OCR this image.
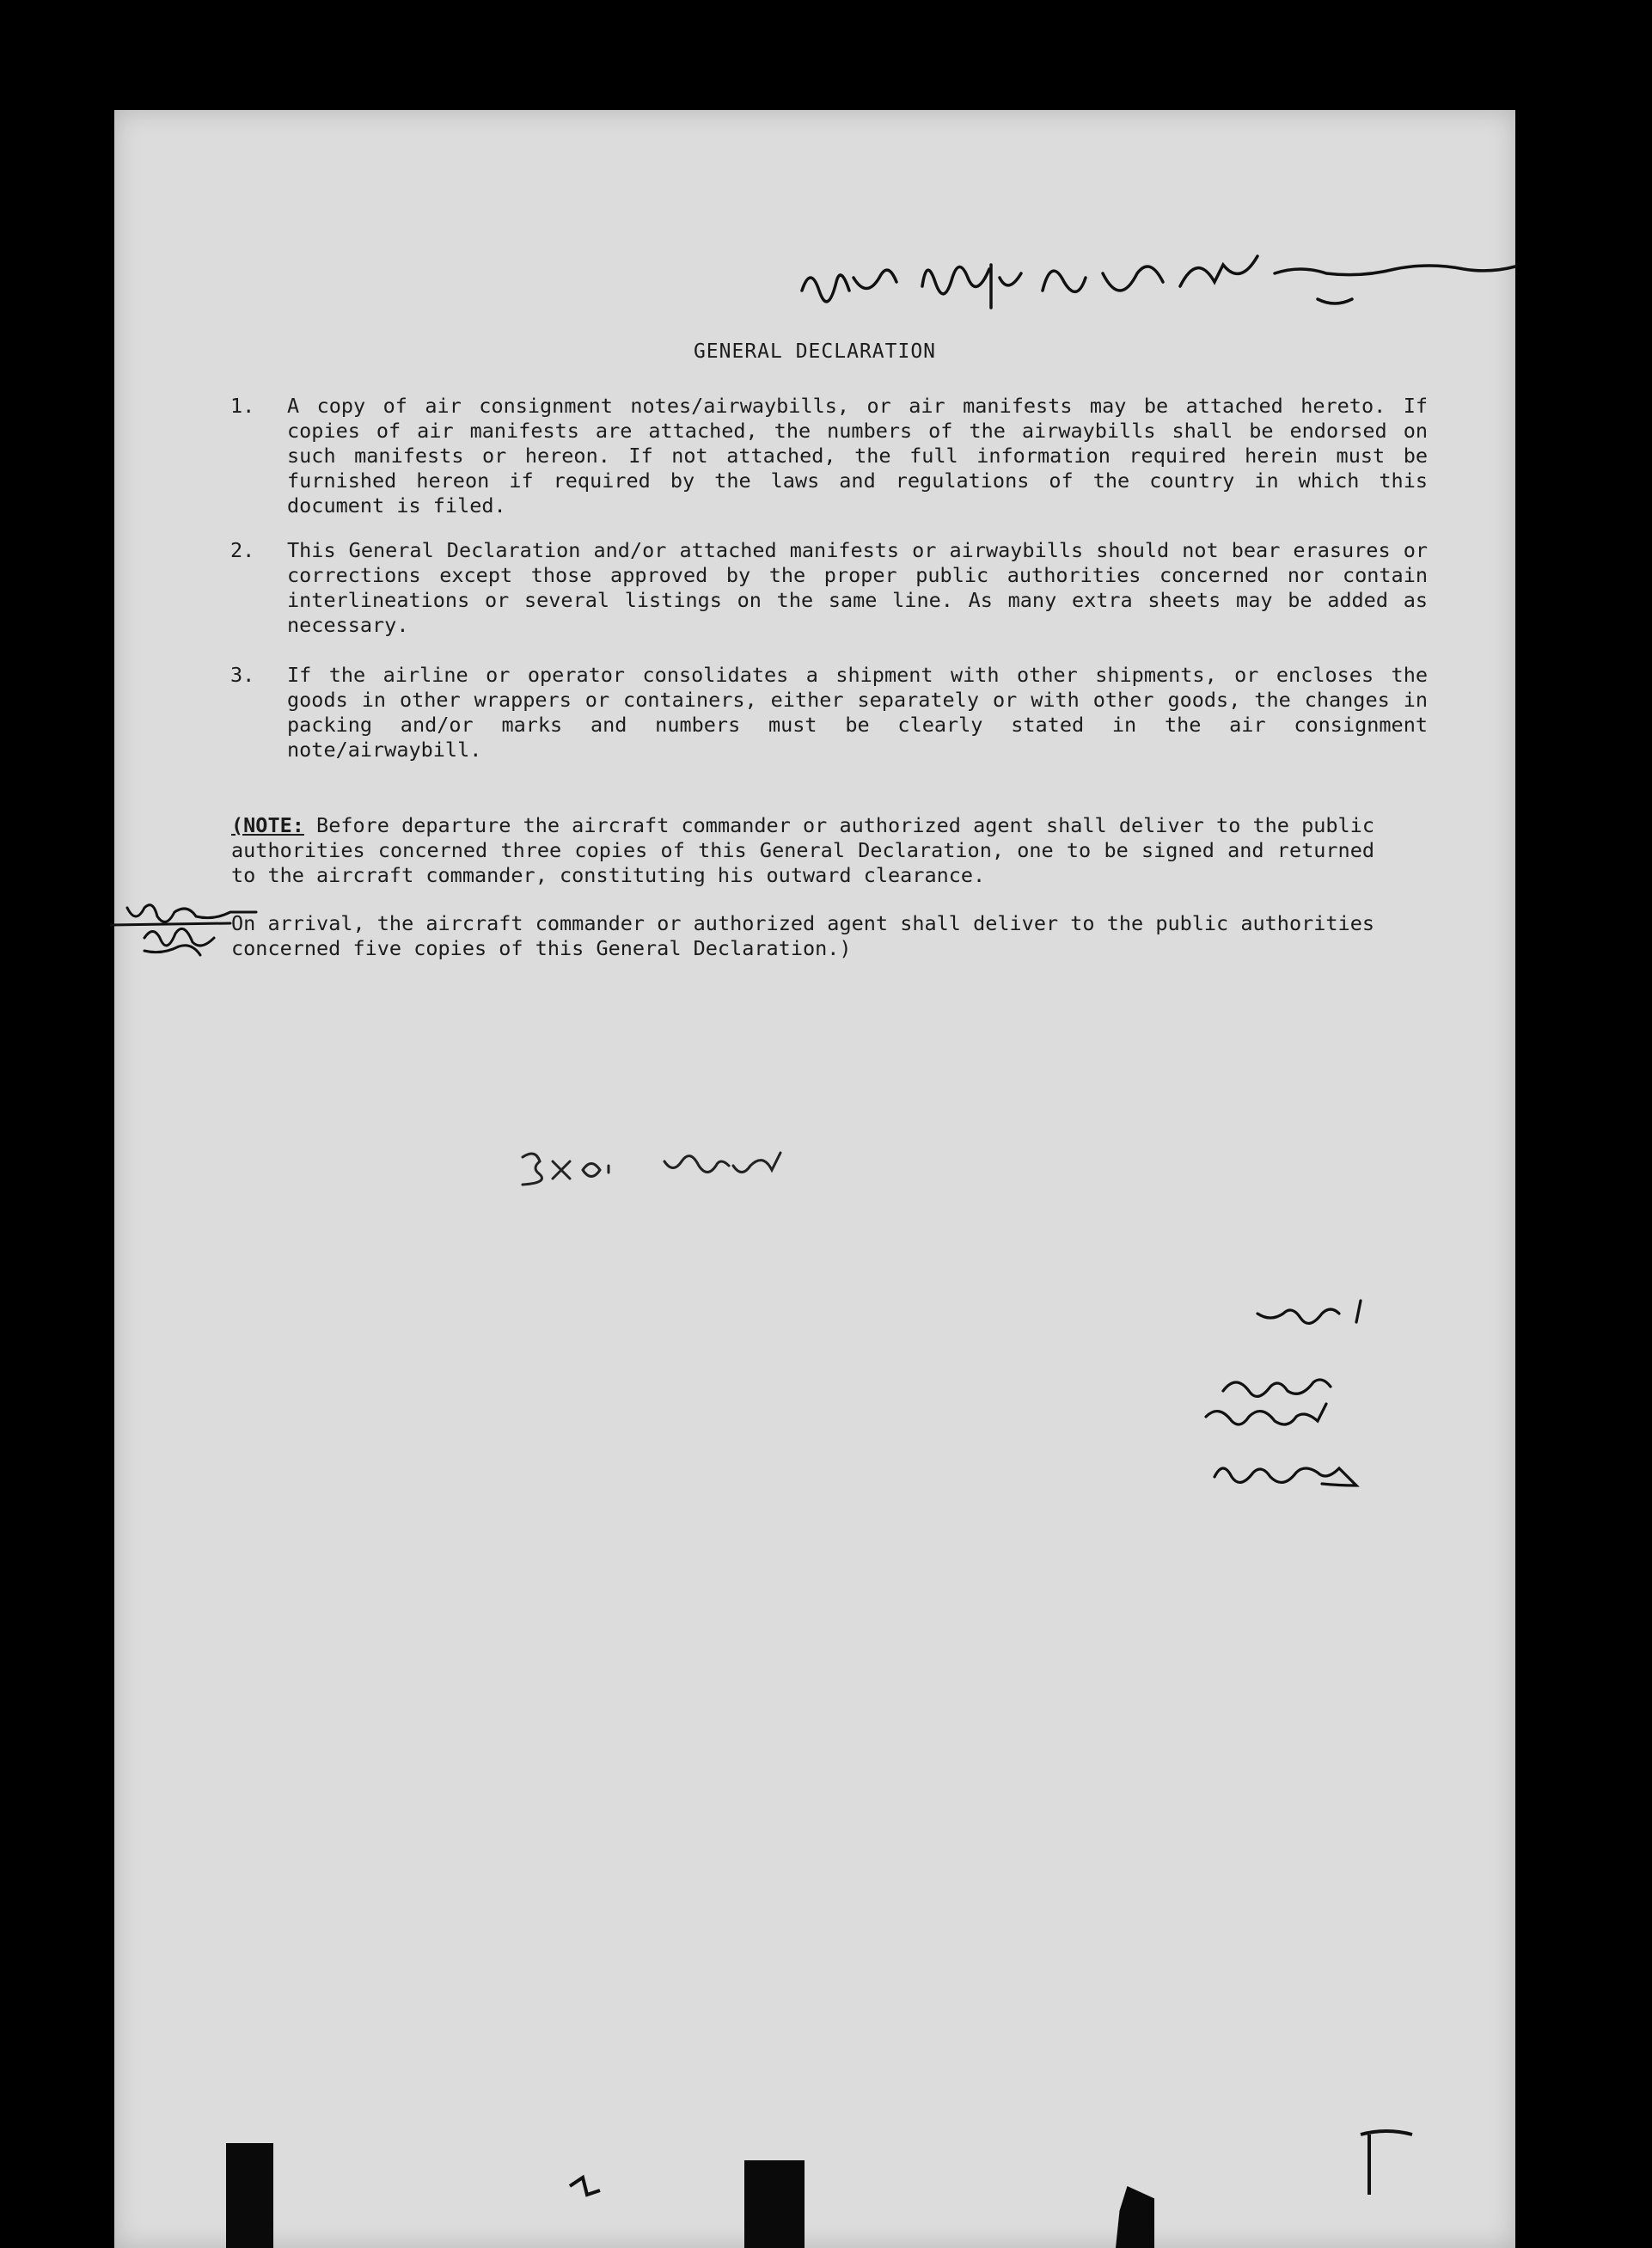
GENERAL DECLARATION
1. A copy of air consignment notes/airwaybills, or air manifests may be attached hereto. If copies of air manifests are attached, the numbers of the airwaybills shall be endorsed on such manifests or hereon. If not attached, the full information required herein must be furnished hereon if required by the laws and regulations of the country in which this document is filed.
2. This General Declaration and/or attached manifests or airwaybills should not bear erasures or corrections except those approved by the proper public authorities concerned nor contain interlineations or several listings on the same line. As many extra sheets may be added as necessary.
3. If the airline or operator consolidates a shipment with other shipments, or encloses the goods in other wrappers or containers, either separately or with other goods, the changes in packing and/or marks and numbers must be clearly stated in the air consignment note/airwaybill.
(NOTE: Before departure the aircraft commander or authorized agent shall deliver to the public authorities concerned three copies of this General Declaration, one to be signed and returned to the aircraft commander, constituting his outward clearance.
On arrival, the aircraft commander or authorized agent shall deliver to the public authorities concerned five copies of this General Declaration.)
